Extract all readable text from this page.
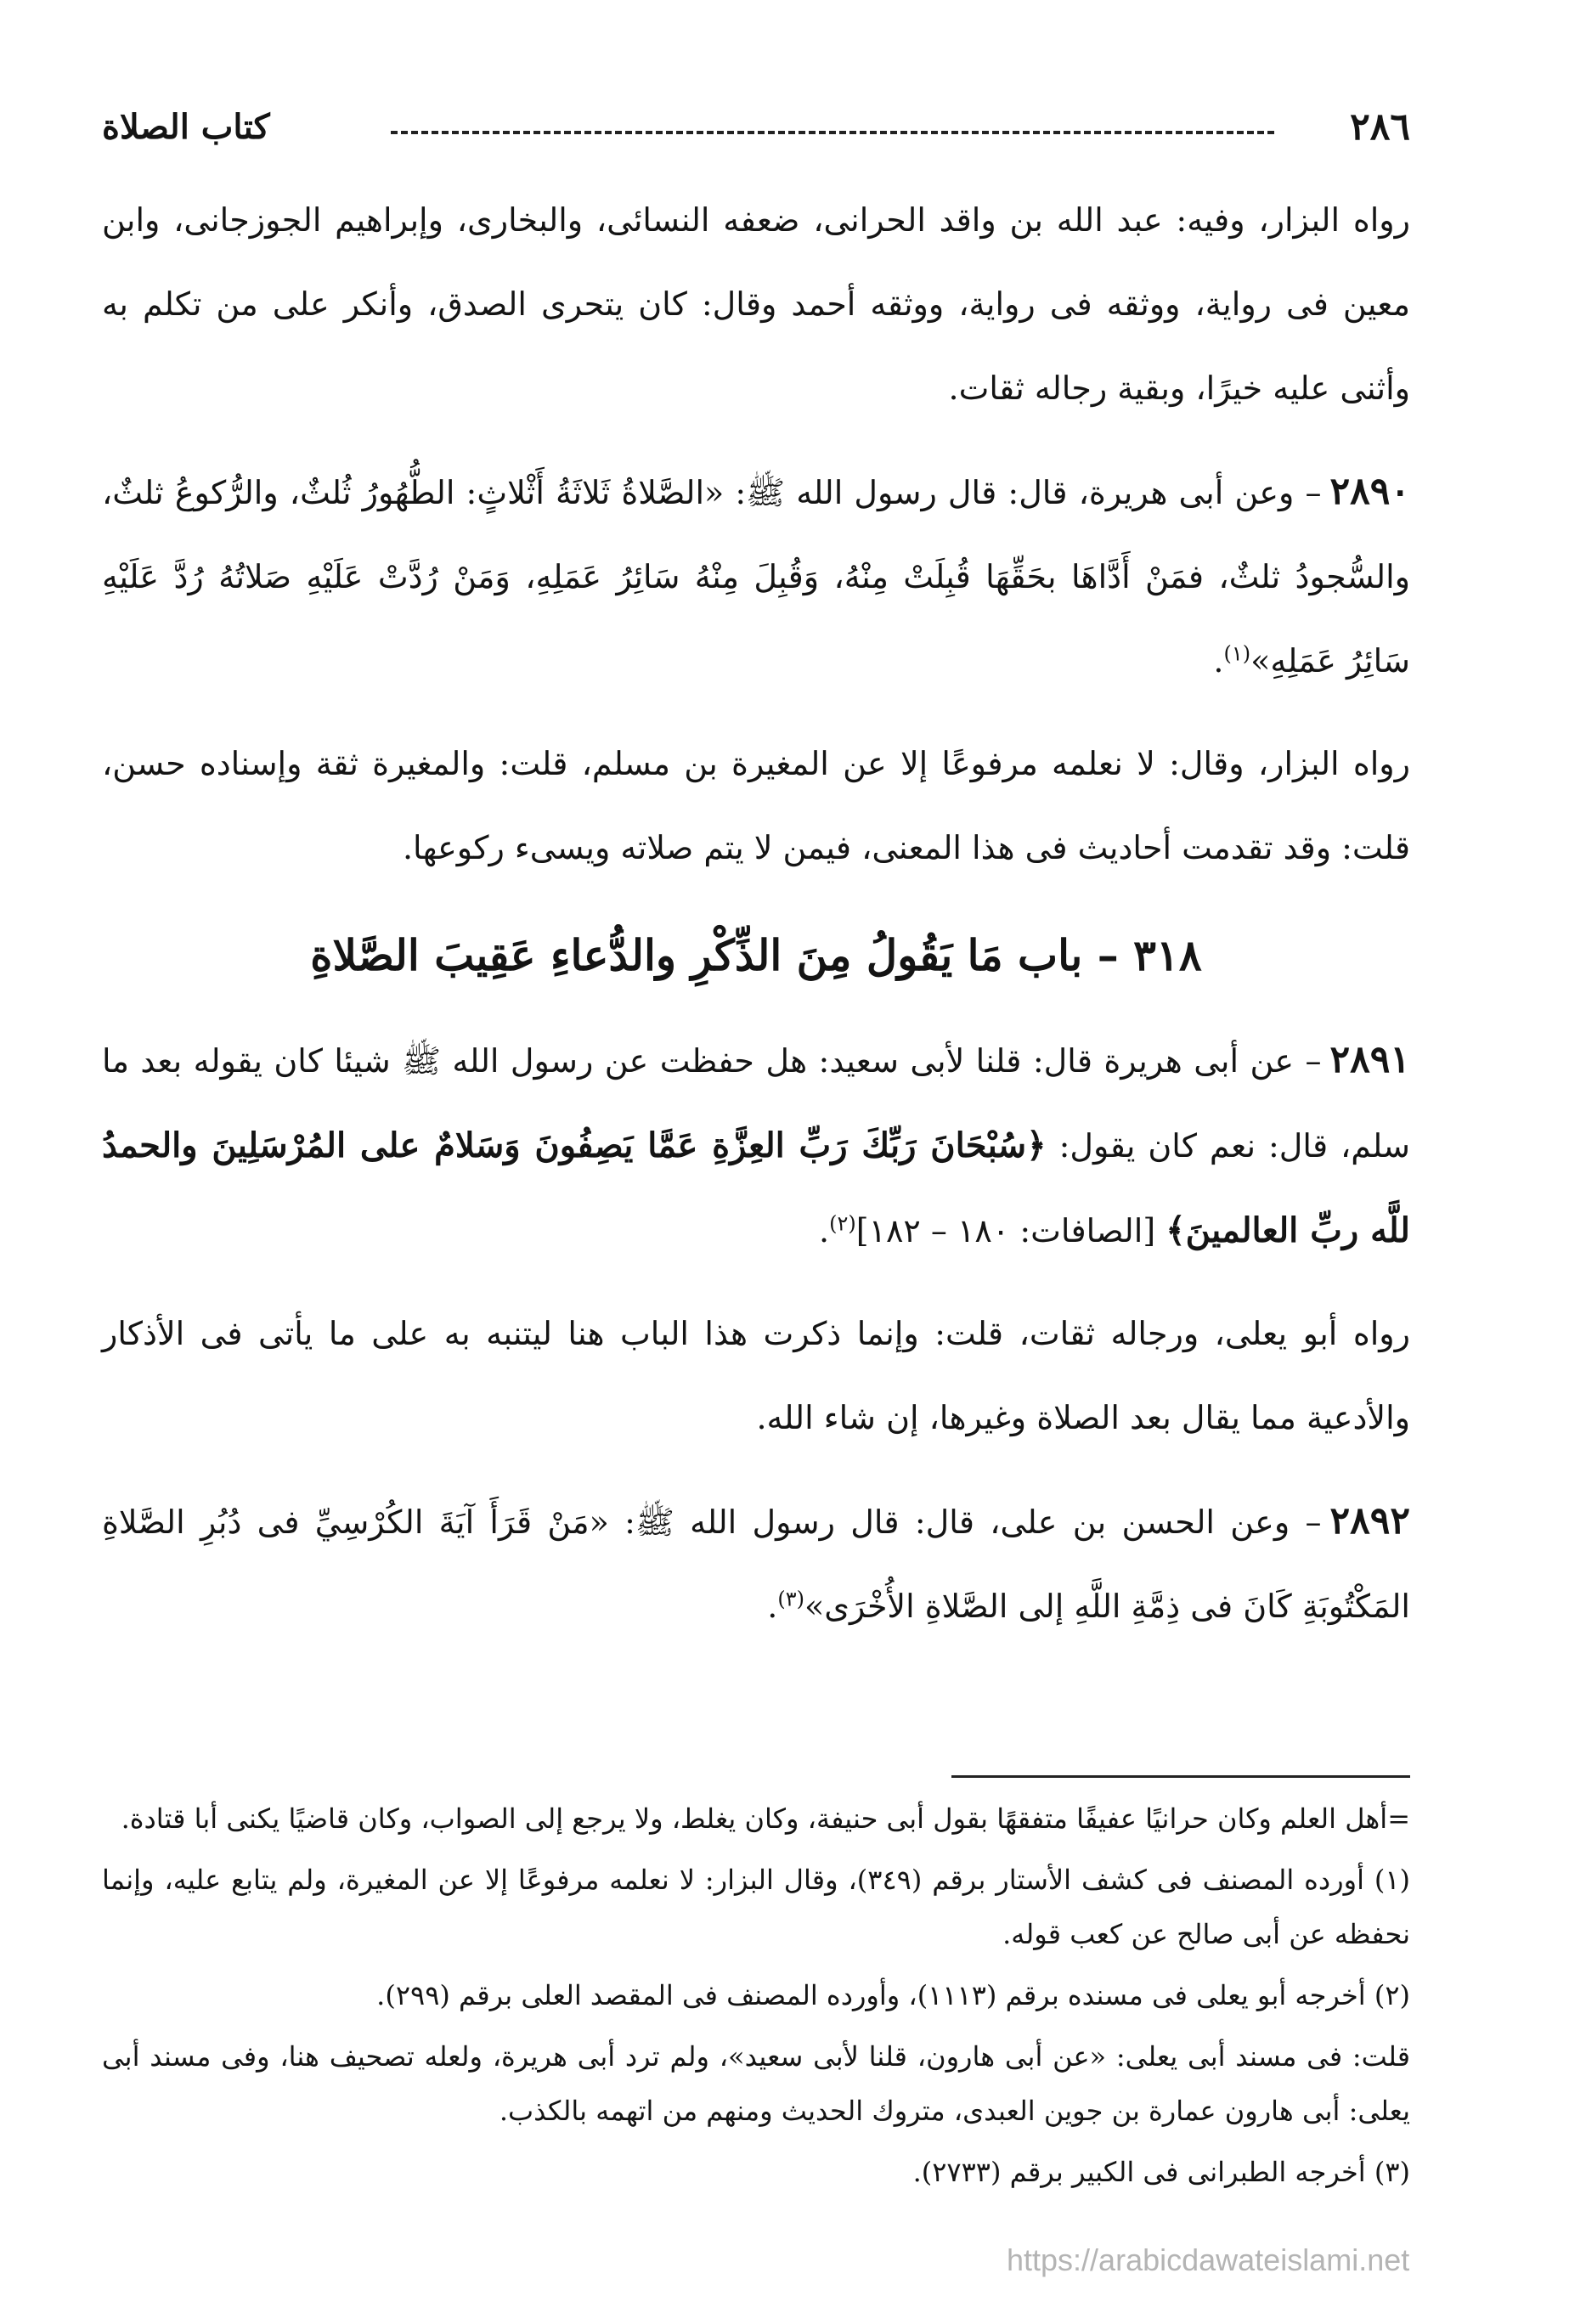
٢٨٦
كتاب الصلاة

رواه البزار، وفيه: عبد الله بن واقد الحرانى، ضعفه النسائى، والبخارى، وإبراهيم الجوزجانى، وابن معين فى رواية، ووثقه فى رواية، ووثقه أحمد وقال: كان يتحرى الصدق، وأنكر على من تكلم به وأثنى عليه خيرًا، وبقية رجاله ثقات.

٢٨٩٠– وعن أبى هريرة، قال: قال رسول الله ﷺ: «الصَّلاةُ ثَلاثَةُ أَثْلاثٍ: الطُّهُورُ ثُلثٌ، والرُّكوعُ ثلثٌ، والسُّجودُ ثلثٌ، فمَنْ أَدَّاهَا بحَقِّهَا قُبِلَتْ مِنْهُ، وَقُبِلَ مِنْهُ سَائِرُ عَمَلِهِ، وَمَنْ رُدَّتْ عَلَيْهِ صَلاتُهُ رُدَّ عَلَيْهِ سَائِرُ عَمَلِهِ»$^{(١)}$.

رواه البزار، وقال: لا نعلمه مرفوعًا إلا عن المغيرة بن مسلم، قلت: والمغيرة ثقة وإسناده حسن، قلت: وقد تقدمت أحاديث فى هذا المعنى، فيمن لا يتم صلاته ويسىء ركوعها.

٣١٨ – باب مَا يَقُولُ مِنَ الذِّكْرِ والدُّعاءِ عَقِيبَ الصَّلاةِ

٢٨٩١– عن أبى هريرة قال: قلنا لأبى سعيد: هل حفظت عن رسول الله ﷺ شيئا كان يقوله بعد ما سلم، قال: نعم كان يقول: ﴿سُبْحَانَ رَبِّكَ رَبِّ العِزَّةِ عَمَّا يَصِفُونَ وَسَلامٌ على المُرْسَلِينَ والحمدُ للَّه ربِّ العالمينَ﴾ [الصافات: ١٨٠ – ١٨٢]$^{(٢)}$.

رواه أبو يعلى، ورجاله ثقات، قلت: وإنما ذكرت هذا الباب هنا ليتنبه به على ما يأتى فى الأذكار والأدعية مما يقال بعد الصلاة وغيرها، إن شاء الله.

٢٨٩٢– وعن الحسن بن على، قال: قال رسول الله ﷺ: «مَنْ قَرَأَ آيَةَ الكُرْسِيِّ فى دُبُرِ الصَّلاةِ المَكْتُوبَةِ كَانَ فى ذِمَّةِ اللَّهِ إلى الصَّلاةِ الأُخْرَى»$^{(٣)}$.

=أهل العلم وكان حرانيًا عفيفًا متفقهًا بقول أبى حنيفة، وكان يغلط، ولا يرجع إلى الصواب، وكان قاضيًا يكنى أبا قتادة.

(١) أورده المصنف فى كشف الأستار برقم (٣٤٩)، وقال البزار: لا نعلمه مرفوعًا إلا عن المغيرة، ولم يتابع عليه، وإنما نحفظه عن أبى صالح عن كعب قوله.

(٢) أخرجه أبو يعلى فى مسنده برقم (١١١٣)، وأورده المصنف فى المقصد العلى برقم (٢٩٩).

قلت: فى مسند أبى يعلى: «عن أبى هارون، قلنا لأبى سعيد»، ولم ترد أبى هريرة، ولعله تصحيف هنا، وفى مسند أبى يعلى: أبى هارون عمارة بن جوين العبدى، متروك الحديث ومنهم من اتهمه بالكذب.

(٣) أخرجه الطبرانى فى الكبير برقم (٢٧٣٣).

https://arabicdawateislami.net
